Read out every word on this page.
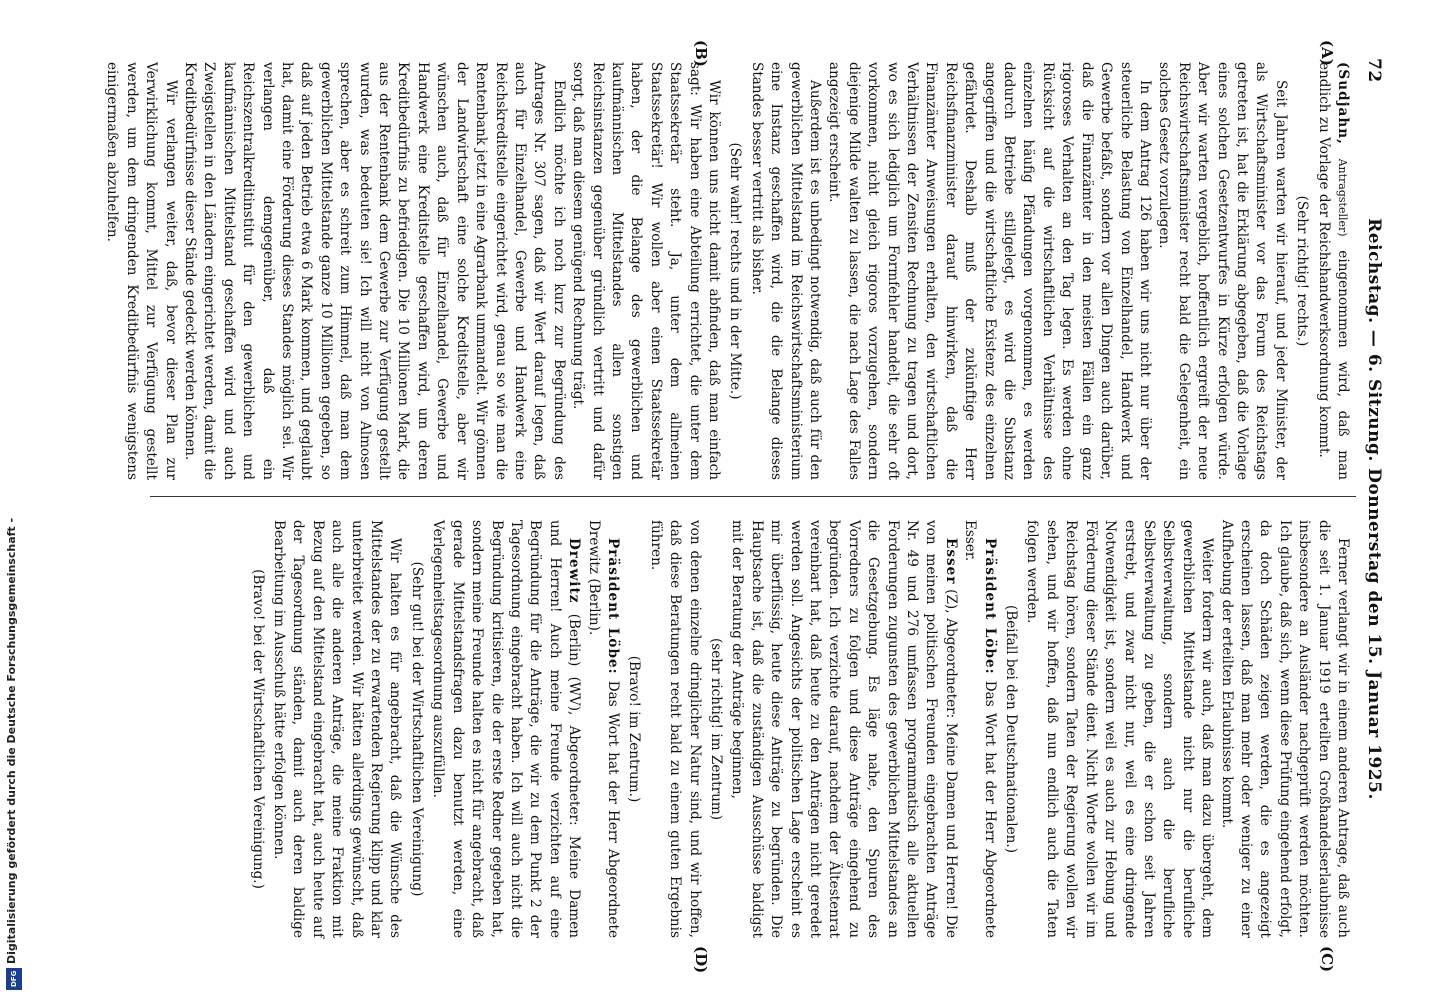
72
Reichstag. — 6. Sitzung. Donnerstag den 15. Januar 1925.
(A)
(B)
(C)
(D)

(Sudjahn, Antragsteller) eingenommen wird, daß man endlich zu Vorlage der Reichshandwerksordnung kommt.

(Sehr richtig! rechts.)

Seit Jahren warten wir hierauf, und jeder Minister, der als Wirtschaftsminister vor das Forum des Reichstags getreten ist, hat die Erklärung abgegeben, daß die Vorlage eines solchen Gesetzentwurfes in Kürze erfolgen würde. Aber wir warten vergeblich, hoffentlich ergreift der neue Reichswirtschaftsminister recht bald die Gelegenheit, ein solches Gesetz vorzulegen.

In dem Antrag 126 haben wir uns nicht nur über der steuerliche Belastung von Einzelhandel, Handwerk und Gewerbe befaßt, sondern vor allen Dingen auch darüber, daß die Finanzämter in den meisten Fällen ein ganz rigoroses Verhalten an den Tag legen. Es werden ohne Rücksicht auf die wirtschaftlichen Verhältnisse des einzelnen häufig Pfändungen vorgenommen, es werden dadurch Betriebe stillgelegt, es wird die Substanz angegriffen und die wirtschaftliche Existenz des einzelnen gefährdet. Deshalb muß der zukünftige Herr Reichsfinanzminister darauf hinwirken, daß die Finanzämter Anweisungen erhalten, den wirtschaftlichen Verhältnissen der Zensiten Rechnung zu tragen und dort, wo es sich lediglich um Formfehler handelt, die sehr oft vorkommen, nicht gleich rigoros vorzugehen, sondern diejenige Milde walten zu lassen, die nach Lage des Falles angezeigt erscheint.

Außerdem ist es unbedingt notwendig, daß auch für den gewerblichen Mittelstand im Reichswirtschaftsministerium eine Instanz geschaffen wird, die die Belange dieses Standes besser vertritt als bisher.

(Sehr wahr! rechts und in der Mitte.)

Wir können uns nicht damit abfinden, daß man einfach sagt: Wir haben eine Abteilung errichtet, die unter dem Staatssekretär steht. Ja, unter dem allmeinen Staatssekretär! Wir wollen aber einen Staatssekretär haben, der die Belange des gewerblichen und kaufmännischen Mittelstandes allen sonstigen Reichsinstanzen gegenüber gründlich vertritt und dafür sorgt, daß man diesem genügend Rechnung trägt.

Endlich möchte ich noch kurz zur Begründung des Antrages Nr. 307 sagen, daß wir Wert darauf legen, daß auch für Einzelhandel, Gewerbe und Handwerk eine Reichskreditstelle eingerichtet wird, genau so wie man die Rentenbank jetzt in eine Agrarbank ummandelt. Wir gönnen der Landwirtschaft eine solche Kreditstelle, aber wir wünschen auch, daß für Einzelhandel, Gewerbe und Handwerk eine Kreditstelle geschaffen wird, um deren Kreditbedürfnis zu befriedigen. Die 10 Millionen Mark, die aus der Rentenbank dem Gewerbe zur Verfügung gestellt wurden, was bedeuten sie! Ich will nicht von Almosen sprechen, aber es schreit zum Himmel, daß man dem gewerblichen Mittelstande ganze 10 Millionen gegeben, so daß auf jeden Betrieb etwa 6 Mark kommen, und geglaubt hat, damit eine Förderung dieses Standes möglich sei. Wir verlangen demgegenüber, daß ein Reichszentralkreditinstitut für den gewerblichen und kaufmännischen Mittelstand geschaffen wird und auch Zweigstellen in den Ländern eingerichtet werden, damit die Kreditbedürfnisse dieser Stände gedeckt werden können.

Wir verlangen weiter, daß, bevor dieser Plan zur Verwirklichung kommt, Mittel zur Verfügung gestellt werden, um dem dringenden Kreditbedürfnis wenigstens einigermaßen abzuhelfen.

Ferner verlangt wir in einem anderen Antrage, daß auch die seit 1. Januar 1919 erteilten Großhandelserlaubnisse insbesondere an Ausländer nachgeprüft werden möchten. Ich glaube, daß sich, wenn diese Prüfung eingehend erfolgt, da doch Schäden zeigen werden, die es angezeigt erscheinen lassen, daß man mehr oder weniger zu einer Aufhebung der erteilten Erlaubnisse kommt.

Weiter fordern wir auch, daß man dazu übergeht, dem gewerblichen Mittelstande nicht nur die berufliche Selbstverwaltung, sondern auch die berufliche Selbstverwaltung zu geben, die er schon seit Jahren erstrebt, und zwar nicht nur, weil es eine dringende Notwendigkeit ist, sondern weil es auch zur Hebung und Förderung dieser Stände dient. Nicht Worte wollen wir im Reichstag hören, sondern Taten der Regierung wollen wir sehen, und wir hoffen, daß nun endlich auch die Taten folgen werden.

(Beifall bei den Deutschnationalen.)

Präsident Löbe: Das Wort hat der Herr Abgeordnete Esser.

Esser (Z), Abgeordneter: Meine Damen und Herren! Die von meinen politischen Freunden eingebrachten Anträge Nr. 49 und 276 umfassen programmatisch alle aktuellen Forderungen zugunsten des gewerblichen Mittelstandes an die Gesetzgebung. Es läge nahe, den Spuren des Vorredners zu folgen und diese Anträge eingehend zu begründen. Ich verzichte darauf, nachdem der Ältestenrat vereinbart hat, daß heute zu den Anträgen nicht geredet werden soll. Angesichts der politischen Lage erscheint es mir überflüssig, heute diese Anträge zu begründen. Die Hauptsache ist, daß die zuständigen Ausschüsse baldigst mit der Beratung der Anträge beginnen,

(sehr richtig! im Zentrum)

von denen einzelne dringlicher Natur sind, und wir hoffen, daß diese Beratungen recht bald zu einem guten Ergebnis führen.

(Bravo! im Zentrum.)

Präsident Löbe: Das Wort hat der Herr Abgeordnete Drewitz (Berlin).

Drewitz (Berlin) (WV), Abgeordneter: Meine Damen und Herren! Auch meine Freunde verzichten auf eine Begründung für die Anträge, die wir zu dem Punkt 2 der Tagesordnung eingebracht haben. Ich will auch nicht die Begründung kritisieren, die der erste Redner gegeben hat, sondern meine Freunde halten es nicht für angebracht, daß gerade Mittelstandsfragen dazu benutzt werden, eine Verlegenheitstagesordnung auszufüllen.

(Sehr gut! bei der Wirtschaftlichen Vereinigung)

Wir halten es für angebracht, daß die Wünsche des Mittelstandes der zu erwartenden Regierung klipp und klar unterbreitet werden. Wir hätten allerdings gewünscht, daß auch alle die anderen Anträge, die meine Fraktion mit Bezug auf den Mittelstand eingebracht hat, auch heute auf der Tagesordnung ständen, damit auch deren baldige Bearbeitung im Ausschuß hätte erfolgen können.

(Bravo! bei der Wirtschaftlichen Vereinigung.)

Digitalisierung gefördert durch die Deutsche Forschungsgemeinschaft -
DFG
